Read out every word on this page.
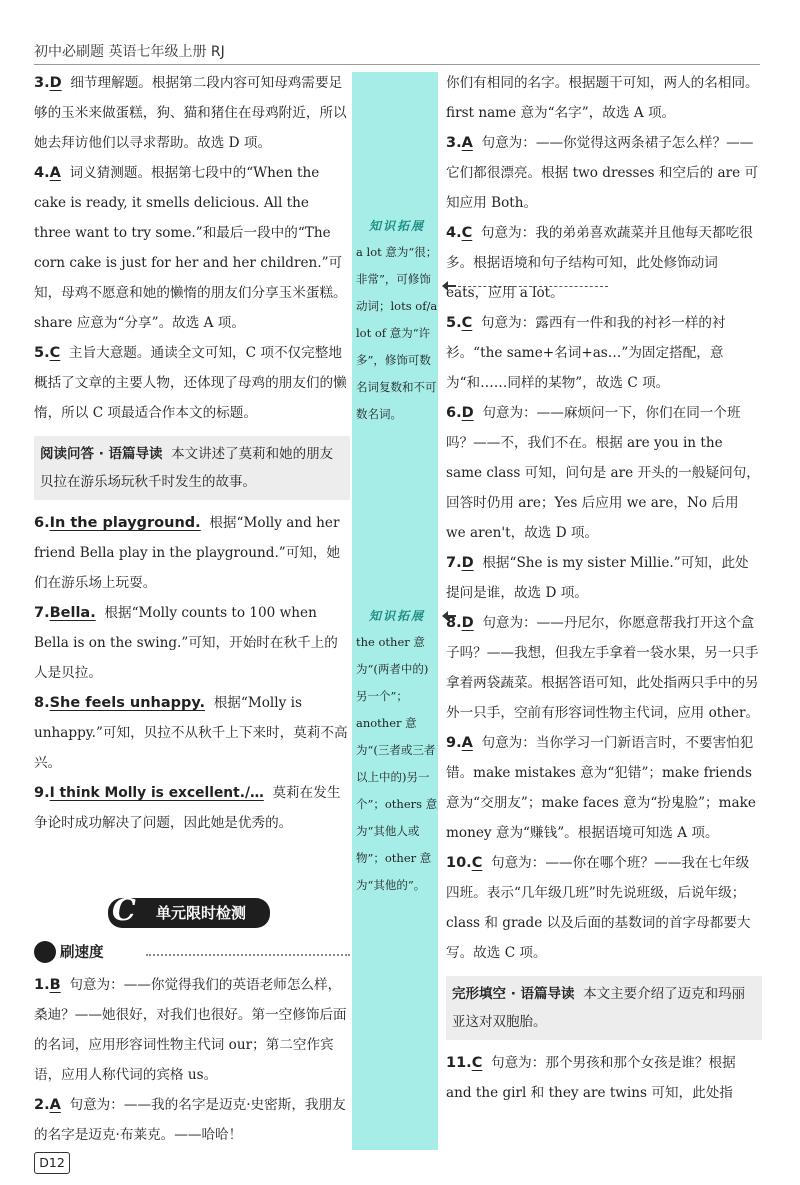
初中必刷题 英语七年级上册 RJ

3.D 细节理解题。根据第二段内容可知母鸡需要足够的玉米来做蛋糕，狗、猫和猪住在母鸡附近，所以她去拜访他们以寻求帮助。故选 D 项。

4.A 词义猜测题。根据第七段中的“When the cake is ready, it smells delicious. All the three want to try some.”和最后一段中的“The corn cake is just for her and her children.”可知，母鸡不愿意和她的懒惰的朋友们分享玉米蛋糕。share 应意为“分享”。故选 A 项。

5.C 主旨大意题。通读全文可知，C 项不仅完整地概括了文章的主要人物，还体现了母鸡的朋友们的懒惰，所以 C 项最适合作本文的标题。

阅读问答 · 语篇导读 本文讲述了莫莉和她的朋友贝拉在游乐场玩秋千时发生的故事。

6.In the playground. 根据“Molly and her friend Bella play in the playground.”可知，她们在游乐场上玩耍。

7.Bella. 根据“Molly counts to 100 when Bella is on the swing.”可知，开始时在秋千上的人是贝拉。

8.She feels unhappy. 根据“Molly is unhappy.”可知，贝拉不从秋千上下来时，莫莉不高兴。

9.I think Molly is excellent./… 莫莉在发生争论时成功解决了问题，因此她是优秀的。

单元限时检测
C
刷速度

1.B 句意为：——你觉得我们的英语老师怎么样，桑迪？——她很好，对我们也很好。第一空修饰后面的名词，应用形容词性物主代词 our；第二空作宾语，应用人称代词的宾格 us。

2.A 句意为：——我的名字是迈克·史密斯，我朋友的名字是迈克·布莱克。——哈哈！

知识拓展
a lot 意为“很；非常”，可修饰动词；lots of/a lot of 意为“许多”，修饰可数名词复数和不可数名词。
知识拓展
the other 意为“(两者中的)另一个”；another 意为“(三者或三者以上中的)另一个”；others 意为“其他人或物”；other 意为“其他的”。

你们有相同的名字。根据题干可知，两人的名相同。first name 意为“名字”，故选 A 项。

3.A 句意为：——你觉得这两条裙子怎么样？——它们都很漂亮。根据 two dresses 和空后的 are 可知应用 Both。

4.C 句意为：我的弟弟喜欢蔬菜并且他每天都吃很多。根据语境和句子结构可知，此处修饰动词 eats，应用 a lot。

5.C 句意为：露西有一件和我的衬衫一样的衬衫。“the same+名词+as…”为固定搭配，意为“和……同样的某物”，故选 C 项。

6.D 句意为：——麻烦问一下，你们在同一个班吗？——不，我们不在。根据 are you in the same class 可知，问句是 are 开头的一般疑问句，回答时仍用 are；Yes 后应用 we are，No 后用 we aren't，故选 D 项。

7.D 根据“She is my sister Millie.”可知，此处提问是谁，故选 D 项。

8.D 句意为：——丹尼尔，你愿意帮我打开这个盒子吗？——我想，但我左手拿着一袋水果，另一只手拿着两袋蔬菜。根据答语可知，此处指两只手中的另外一只手，空前有形容词性物主代词，应用 other。

9.A 句意为：当你学习一门新语言时，不要害怕犯错。make mistakes 意为“犯错”；make friends 意为“交朋友”；make faces 意为“扮鬼脸”；make money 意为“赚钱”。根据语境可知选 A 项。

10.C 句意为：——你在哪个班？——我在七年级四班。表示“几年级几班”时先说班级，后说年级；class 和 grade 以及后面的基数词的首字母都要大写。故选 C 项。

完形填空 · 语篇导读 本文主要介绍了迈克和玛丽亚这对双胞胎。

11.C 句意为：那个男孩和那个女孩是谁？根据 and the girl 和 they are twins 可知，此处指

D12
